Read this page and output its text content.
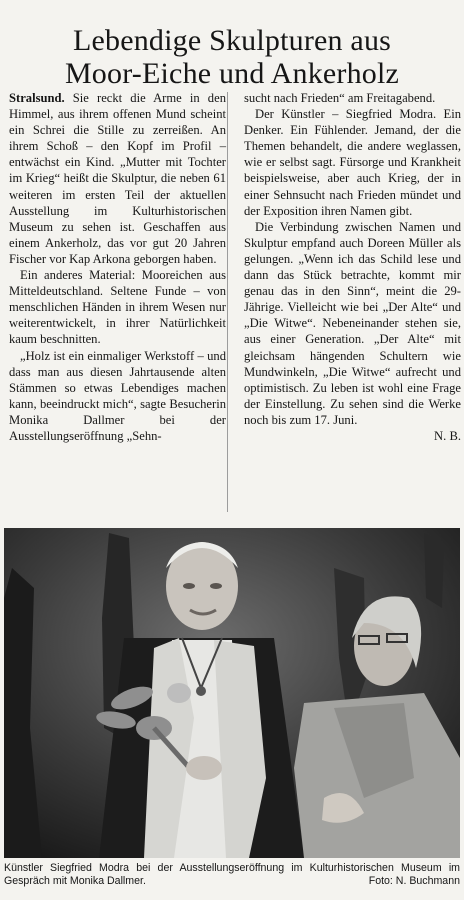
Lebendige Skulpturen aus
Moor-Eiche und Ankerholz

Stralsund. Sie reckt die Arme in den Himmel, aus ihrem offenen Mund scheint ein Schrei die Stille zu zerreißen. An ihrem Schoß – den Kopf im Profil – entwächst ein Kind. „Mutter mit Tochter im Krieg“ heißt die Skulptur, die neben 61 weiteren im ersten Teil der aktuellen Ausstellung im Kulturhistorischen Museum zu sehen ist. Geschaffen aus einem Ankerholz, das vor gut 20 Jahren Fischer vor Kap Arkona geborgen haben.

Ein anderes Material: Mooreichen aus Mitteldeutschland. Seltene Funde – von menschlichen Händen in ihrem Wesen nur weiterentwickelt, in ihrer Natürlichkeit kaum beschnitten.

„Holz ist ein einmaliger Werkstoff – und dass man aus diesen Jahrtausende alten Stämmen so etwas Lebendiges machen kann, beeindruckt mich“, sagte Besucherin Monika Dallmer bei der Ausstellungseröffnung „Sehn-

sucht nach Frieden“ am Freitagabend.

Der Künstler – Siegfried Modra. Ein Denker. Ein Fühlender. Jemand, der die Themen behandelt, die andere weglassen, wie er selbst sagt. Fürsorge und Krankheit beispielsweise, aber auch Krieg, der in einer Sehnsucht nach Frieden mündet und der Exposition ihren Namen gibt.

Die Verbindung zwischen Namen und Skulptur empfand auch Doreen Müller als gelungen. „Wenn ich das Schild lese und dann das Stück betrachte, kommt mir genau das in den Sinn“, meint die 29-Jährige. Vielleicht wie bei „Der Alte“ und „Die Witwe“. Nebeneinander stehen sie, aus einer Generation. „Der Alte“ mit gleichsam hängenden Schultern wie Mundwinkeln, „Die Witwe“ aufrecht und optimistisch. Zu leben ist wohl eine Frage der Einstellung. Zu sehen sind die Werke noch bis zum 17. Juni.
N. B.

Künstler Siegfried Modra bei der Ausstellungseröffnung im Kulturhistorischen Museum im Gespräch mit Monika Dallmer.	Foto: N. Buchmann
